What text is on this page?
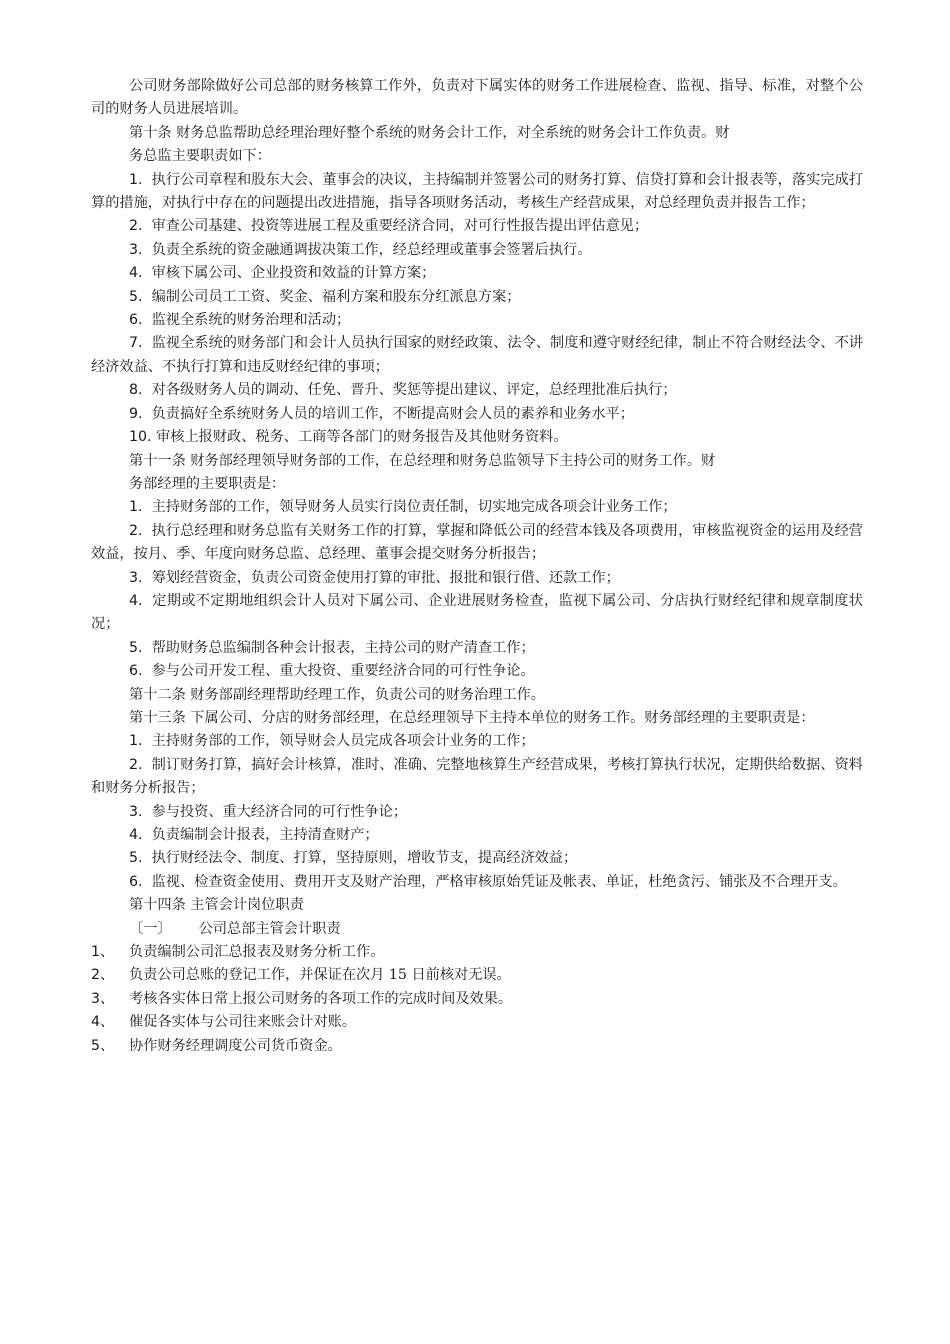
公司财务部除做好公司总部的财务核算工作外，负责对下属实体的财务工作进展检查、监视、指导、标准，对整个公司的财务人员进展培训。

第十条 财务总监帮助总经理治理好整个系统的财务会计工作，对全系统的财务会计工作负责。财

务总监主要职责如下：

1. 执行公司章程和股东大会、董事会的决议，主持编制并签署公司的财务打算、信贷打算和会计报表等，落实完成打算的措施，对执行中存在的问题提出改进措施，指导各项财务活动，考核生产经营成果，对总经理负责并报告工作；

2. 审查公司基建、投资等进展工程及重要经济合同，对可行性报告提出评估意见；

3. 负责全系统的资金融通调拔决策工作，经总经理或董事会签署后执行。

4. 审核下属公司、企业投资和效益的计算方案；

5. 编制公司员工工资、奖金、福利方案和股东分红派息方案；

6. 监视全系统的财务治理和活动；

7. 监视全系统的财务部门和会计人员执行国家的财经政策、法令、制度和遵守财经纪律，制止不符合财经法令、不讲经济效益、不执行打算和违反财经纪律的事项；

8. 对各级财务人员的调动、任免、晋升、奖惩等提出建议、评定，总经理批准后执行；

9. 负责搞好全系统财务人员的培训工作，不断提高财会人员的素养和业务水平；

10. 审核上报财政、税务、工商等各部门的财务报告及其他财务资料。

第十一条 财务部经理领导财务部的工作，在总经理和财务总监领导下主持公司的财务工作。财

务部经理的主要职责是：

1. 主持财务部的工作，领导财务人员实行岗位责任制，切实地完成各项会计业务工作；

2. 执行总经理和财务总监有关财务工作的打算，掌握和降低公司的经营本钱及各项费用，审核监视资金的运用及经营效益，按月、季、年度向财务总监、总经理、董事会提交财务分析报告；

3. 筹划经营资金，负责公司资金使用打算的审批、报批和银行借、还款工作；

4. 定期或不定期地组织会计人员对下属公司、企业进展财务检查，监视下属公司、分店执行财经纪律和规章制度状况；

5. 帮助财务总监编制各种会计报表，主持公司的财产清查工作；

6. 参与公司开发工程、重大投资、重要经济合同的可行性争论。

第十二条 财务部副经理帮助经理工作，负责公司的财务治理工作。

第十三条 下属公司、分店的财务部经理，在总经理领导下主持本单位的财务工作。财务部经理的主要职责是：

1. 主持财务部的工作，领导财会人员完成各项会计业务的工作；

2. 制订财务打算，搞好会计核算，准时、准确、完整地核算生产经营成果，考核打算执行状况，定期供给数据、资料和财务分析报告；

3. 参与投资、重大经济合同的可行性争论；

4. 负责编制会计报表，主持清查财产；

5. 执行财经法令、制度、打算，坚持原则，增收节支，提高经济效益；

6. 监视、检查资金使用、费用开支及财产治理，严格审核原始凭证及帐表、单证，杜绝贪污、铺张及不合理开支。

第十四条 主管会计岗位职责

〔一〕 公司总部主管会计职责

1、 负责编制公司汇总报表及财务分析工作。

2、 负责公司总账的登记工作，并保证在次月 15 日前核对无误。

3、 考核各实体日常上报公司财务的各项工作的完成时间及效果。

4、 催促各实体与公司往来账会计对账。

5、 协作财务经理调度公司货币资金。
